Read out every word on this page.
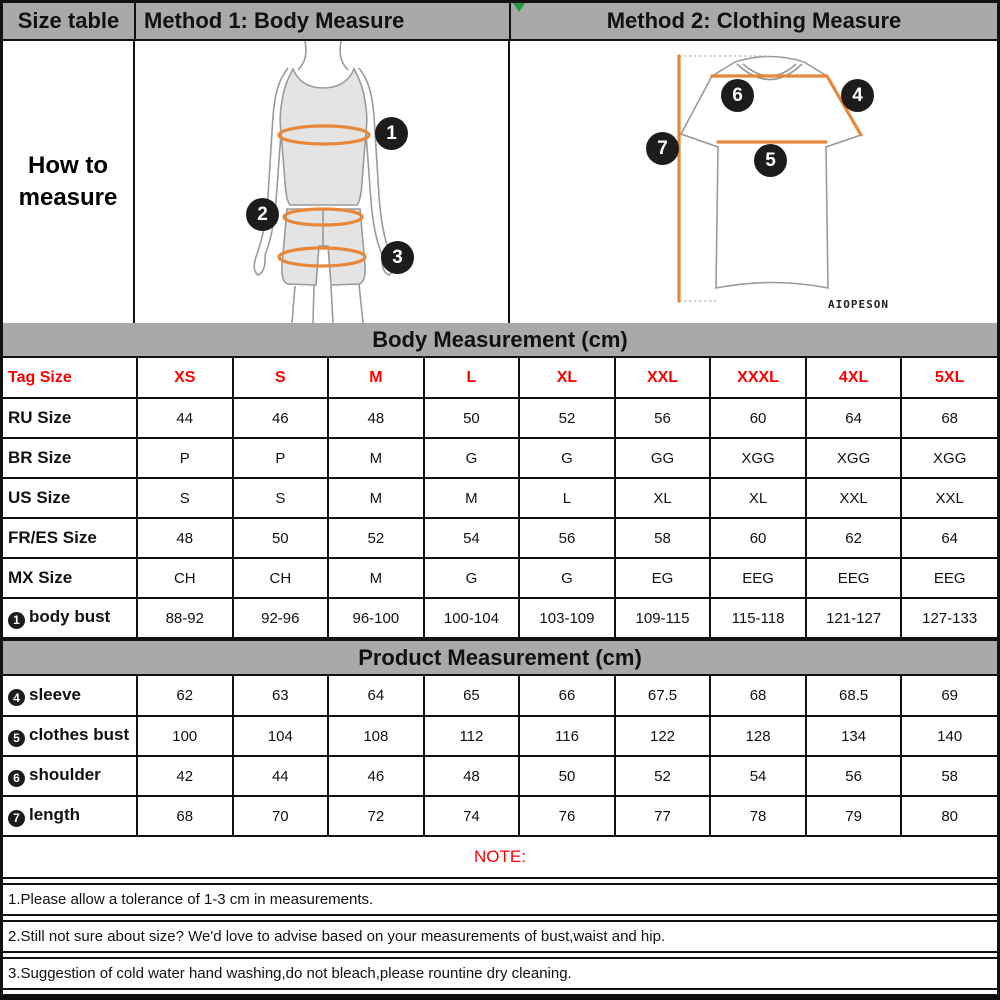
Size table Method 1: Body Measure	Method 2: Clothing Measure
How to measure
1
2
3
6	4
5
7
AIOPESON
Body Measurement (cm)
Tag Size	XS	S	M	L	XL	XXL	XXXL	4XL	5XL
RU Size	44	46	48	50	52	56	60	64	68
BR Size	P	P	M	G	G	GG	XGG	XGG	XGG
US Size	S	S	M	M	L	XL	XL	XXL	XXL
FR/ES Size	48	50	52	54	56	58	60	62	64
MX Size	CH	CH	M	G	G	EG	EEG	EEG	EEG
1 body bust	88-92	92-96	96-100	100-104	103-109	109-115	115-118	121-127	127-133
Product Measurement (cm)
4 sleeve	62	63	64	65	66	67.5	68	68.5	69
5 clothes bust	100	104	108	112	116	122	128	134	140
6 shoulder	42	44	46	48	50	52	54	56	58
7 length	68	70	72	74	76	77	78	79	80
NOTE:
1.Please allow a tolerance of 1-3 cm in measurements.
2.Still not sure about size? We'd love to advise based on your measurements of bust,waist and hip.
3.Suggestion of cold water hand washing,do not bleach,please rountine dry cleaning.
